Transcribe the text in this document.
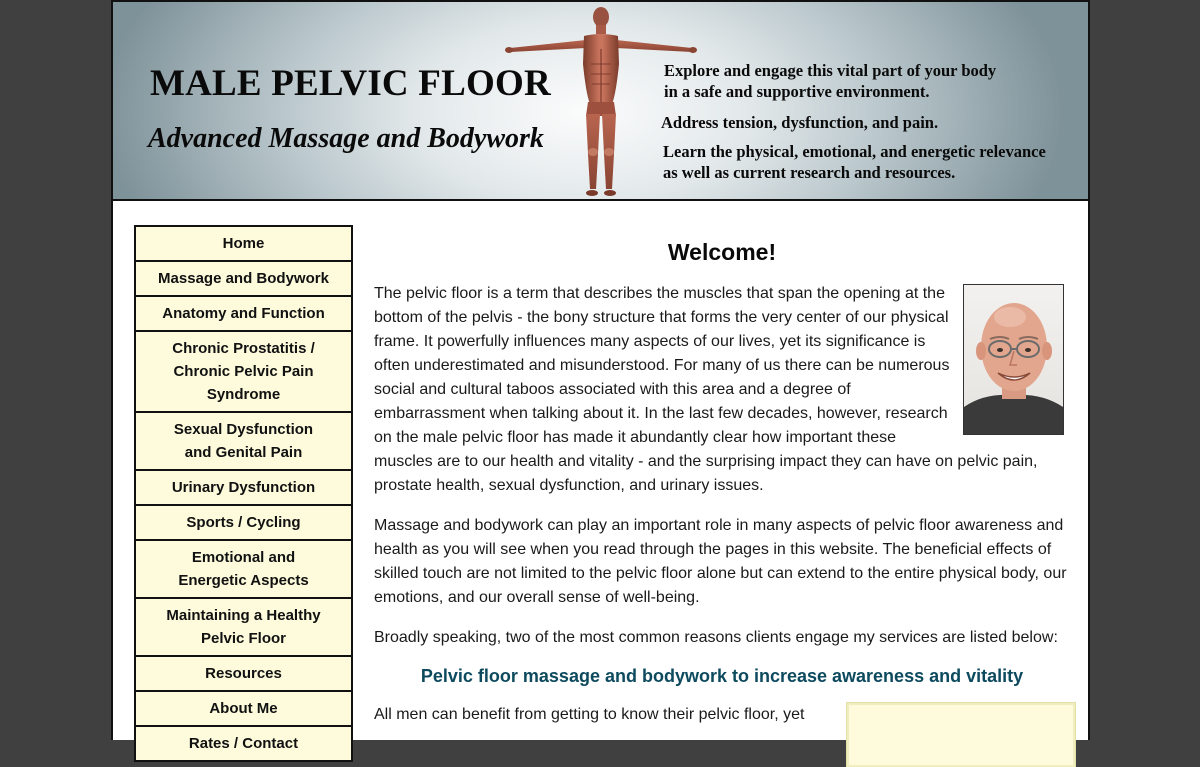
MALE PELVIC FLOOR
Advanced Massage and Bodywork

Explore and engage this vital part of your body
in a safe and supportive environment.

Address tension, dysfunction, and pain.

Learn the physical, emotional, and energetic relevance
as well as current research and resources.

Home
Massage and Bodywork
Anatomy and Function
Chronic Prostatitis /
Chronic Pelvic Pain
Syndrome
Sexual Dysfunction
and Genital Pain
Urinary Dysfunction
Sports / Cycling
Emotional and
Energetic Aspects
Maintaining a Healthy
Pelvic Floor
Resources
About Me
Rates / Contact
Welcome!

The pelvic floor is a term that describes the muscles that span the opening at the bottom of the pelvis - the bony structure that forms the very center of our physical frame. It powerfully influences many aspects of our lives, yet its significance is often underestimated and misunderstood. For many of us there can be numerous social and cultural taboos associated with this area and a degree of embarrassment when talking about it. In the last few decades, however, research on the male pelvic floor has made it abundantly clear how important these muscles are to our health and vitality - and the surprising impact they can have on pelvic pain, prostate health, sexual dysfunction, and urinary issues.

Massage and bodywork can play an important role in many aspects of pelvic floor awareness and health as you will see when you read through the pages in this website. The beneficial effects of skilled touch are not limited to the pelvic floor alone but can extend to the entire physical body, our emotions, and our overall sense of well-being.

Broadly speaking, two of the most common reasons clients engage my services are listed below:

Pelvic floor massage and bodywork to increase awareness and vitality

All men can benefit from getting to know their pelvic floor, yet
